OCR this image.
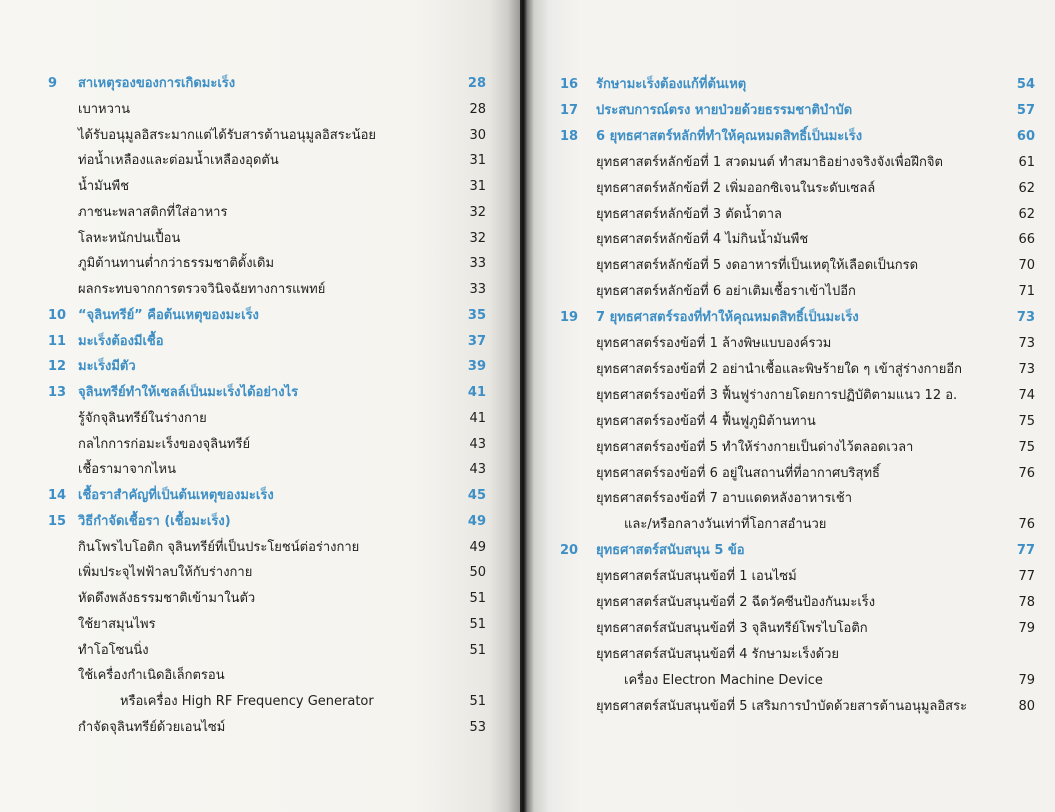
9	สาเหตุรองของการเกิดมะเร็ง	28
เบาหวาน	28
ได้รับอนุมูลอิสระมากแต่ได้รับสารต้านอนุมูลอิสระน้อย	30
ท่อน้ำเหลืองและต่อมน้ำเหลืองอุดตัน	31
น้ำมันพืช	31
ภาชนะพลาสติกที่ใส่อาหาร	32
โลหะหนักปนเปื้อน	32
ภูมิต้านทานต่ำกว่าธรรมชาติดั้งเดิม	33
ผลกระทบจากการตรวจวินิจฉัยทางการแพทย์	33
10 “จุลินทรีย์” คือต้นเหตุของมะเร็ง	35
11 มะเร็งต้องมีเชื้อ	37
12 มะเร็งมีตัว	39
13 จุลินทรีย์ทำให้เซลล์เป็นมะเร็งได้อย่างไร	41
รู้จักจุลินทรีย์ในร่างกาย	41
กลไกการก่อมะเร็งของจุลินทรีย์	43
เชื้อรามาจากไหน	43
14 เชื้อราสำคัญที่เป็นต้นเหตุของมะเร็ง	45
15 วิธีกำจัดเชื้อรา (เชื้อมะเร็ง)	49
กินโพรไบโอติก จุลินทรีย์ที่เป็นประโยชน์ต่อร่างกาย	49
เพิ่มประจุไฟฟ้าลบให้กับร่างกาย	50
หัดดึงพลังธรรมชาติเข้ามาในตัว	51
ใช้ยาสมุนไพร	51
ทำโอโซนนิ่ง	51
ใช้เครื่องกำเนิดอิเล็กตรอน
หรือเครื่อง High RF Frequency Generator	51
กำจัดจุลินทรีย์ด้วยเอนไซม์	53
16	รักษามะเร็งต้องแก้ที่ต้นเหตุ	54
17	ประสบการณ์ตรง หายป่วยด้วยธรรมชาติบำบัด	57
18	6 ยุทธศาสตร์หลักที่ทำให้คุณหมดสิทธิ์เป็นมะเร็ง	60
ยุทธศาสตร์หลักข้อที่ 1 สวดมนต์ ทำสมาธิอย่างจริงจังเพื่อฝึกจิต	61
ยุทธศาสตร์หลักข้อที่ 2 เพิ่มออกซิเจนในระดับเซลล์	62
ยุทธศาสตร์หลักข้อที่ 3 ตัดน้ำตาล	62
ยุทธศาสตร์หลักข้อที่ 4 ไม่กินน้ำมันพืช	66
ยุทธศาสตร์หลักข้อที่ 5 งดอาหารที่เป็นเหตุให้เลือดเป็นกรด	70
ยุทธศาสตร์หลักข้อที่ 6 อย่าเติมเชื้อราเข้าไปอีก	71
19	7 ยุทธศาสตร์รองที่ทำให้คุณหมดสิทธิ์เป็นมะเร็ง	73
ยุทธศาสตร์รองข้อที่ 1 ล้างพิษแบบองค์รวม	73
ยุทธศาสตร์รองข้อที่ 2 อย่านำเชื้อและพิษร้ายใด ๆ เข้าสู่ร่างกายอีก	73
ยุทธศาสตร์รองข้อที่ 3 ฟื้นฟูร่างกายโดยการปฏิบัติตามแนว 12 อ.	74
ยุทธศาสตร์รองข้อที่ 4 ฟื้นฟูภูมิต้านทาน	75
ยุทธศาสตร์รองข้อที่ 5 ทำให้ร่างกายเป็นด่างไว้ตลอดเวลา	75
ยุทธศาสตร์รองข้อที่ 6 อยู่ในสถานที่ที่อากาศบริสุทธิ์	76
ยุทธศาสตร์รองข้อที่ 7 อาบแดดหลังอาหารเช้า
และ/หรือกลางวันเท่าที่โอกาสอำนวย	76
20	ยุทธศาสตร์สนับสนุน 5 ข้อ	77
ยุทธศาสตร์สนับสนุนข้อที่ 1 เอนไซม์	77
ยุทธศาสตร์สนับสนุนข้อที่ 2 ฉีดวัคซีนป้องกันมะเร็ง	78
ยุทธศาสตร์สนับสนุนข้อที่ 3 จุลินทรีย์โพรไบโอติก	79
ยุทธศาสตร์สนับสนุนข้อที่ 4 รักษามะเร็งด้วย
เครื่อง Electron Machine Device	79
ยุทธศาสตร์สนับสนุนข้อที่ 5 เสริมการบำบัดด้วยสารต้านอนุมูลอิสระ	80
